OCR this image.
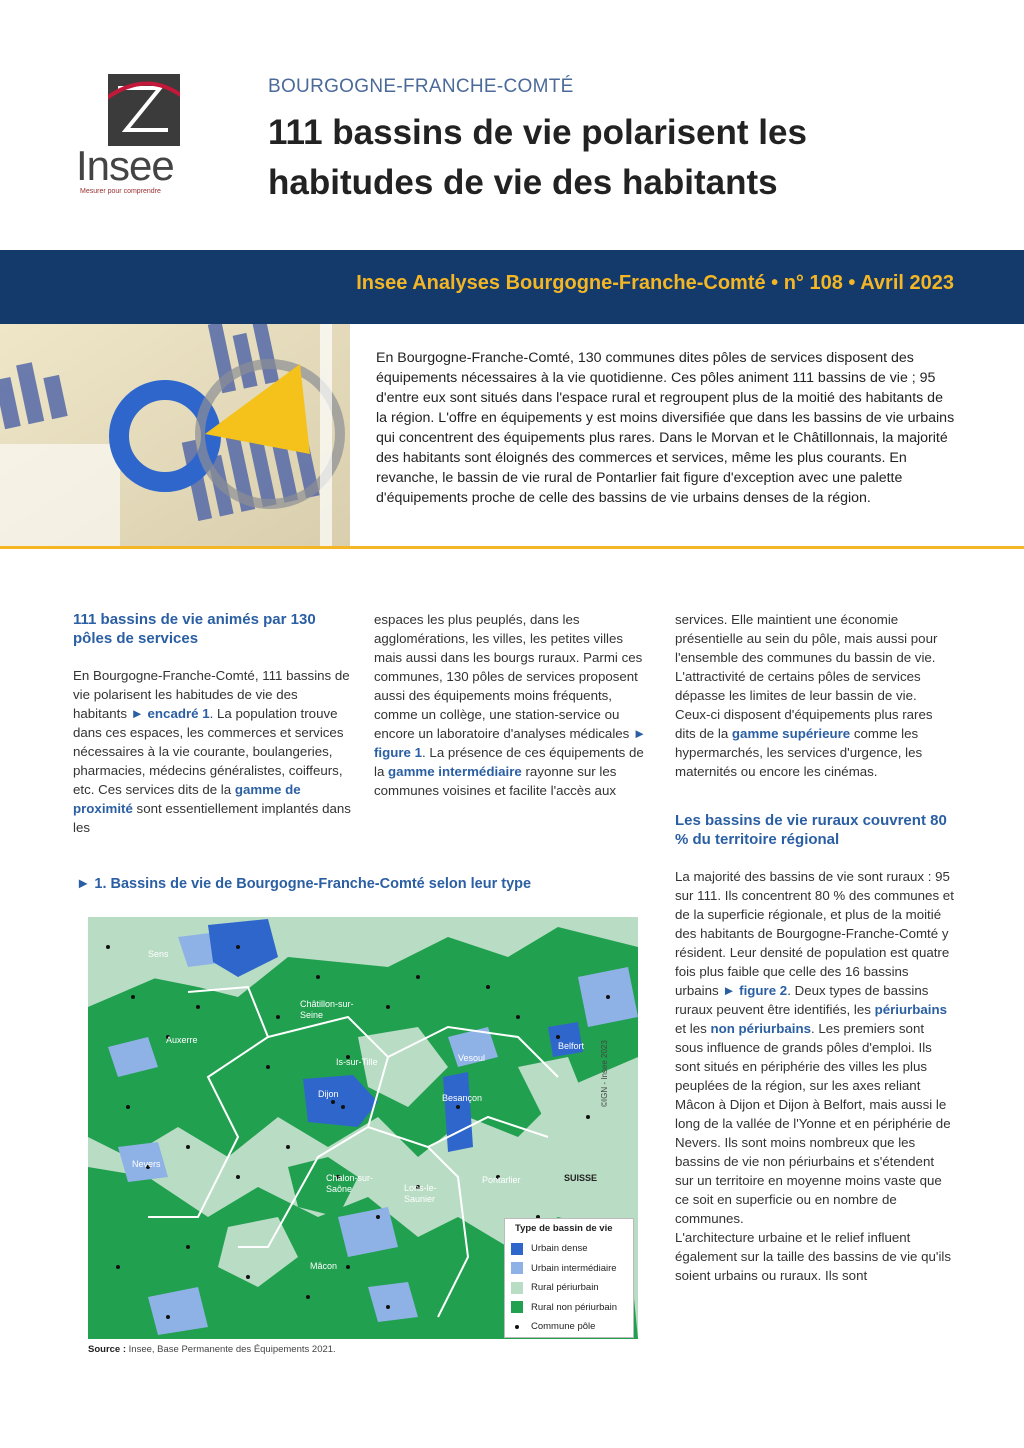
Insee
Mesurer pour comprendre
BOURGOGNE-FRANCHE-COMTÉ
111 bassins de vie polarisent les habitudes de vie des habitants
Insee Analyses Bourgogne-Franche-Comté • n° 108 • Avril 2023
En Bourgogne-Franche-Comté, 130 communes dites pôles de services disposent des équipements nécessaires à la vie quotidienne. Ces pôles animent 111 bassins de vie ; 95 d'entre eux sont situés dans l'espace rural et regroupent plus de la moitié des habitants de la région. L'offre en équipements y est moins diversifiée que dans les bassins de vie urbains qui concentrent des équipements plus rares. Dans le Morvan et le Châtillonnais, la majorité des habitants sont éloignés des commerces et services, même les plus courants. En revanche, le bassin de vie rural de Pontarlier fait figure d'exception avec une palette d'équipements proche de celle des bassins de vie urbains denses de la région.
111 bassins de vie animés par 130 pôles de services

En Bourgogne-Franche-Comté, 111 bassins de vie polarisent les habitudes de vie des habitants ► encadré 1. La population trouve dans ces espaces, les commerces et services nécessaires à la vie courante, boulangeries, pharmacies, médecins généralistes, coiffeurs, etc. Ces services dits de la gamme de proximité sont essentiellement implantés dans les

espaces les plus peuplés, dans les agglomérations, les villes, les petites villes mais aussi dans les bourgs ruraux. Parmi ces communes, 130 pôles de services proposent aussi des équipements moins fréquents, comme un collège, une station-service ou encore un laboratoire d'analyses médicales ► figure 1. La présence de ces équipements de la gamme intermédiaire rayonne sur les communes voisines et facilite l'accès aux

services. Elle maintient une économie présentielle au sein du pôle, mais aussi pour l'ensemble des communes du bassin de vie.

L'attractivité de certains pôles de services dépasse les limites de leur bassin de vie. Ceux-ci disposent d'équipements plus rares dits de la gamme supérieure comme les hypermarchés, les services d'urgence, les maternités ou encore les cinémas.

Les bassins de vie ruraux couvrent 80 % du territoire régional

La majorité des bassins de vie sont ruraux : 95 sur 111. Ils concentrent 80 % des communes et de la superficie régionale, et plus de la moitié des habitants de Bourgogne-Franche-Comté y résident. Leur densité de population est quatre fois plus faible que celle des 16 bassins urbains ► figure 2. Deux types de bassins ruraux peuvent être identifiés, les périurbains et les non périurbains. Les premiers sont sous influence de grands pôles d'emploi. Ils sont situés en périphérie des villes les plus peuplées de la région, sur les axes reliant Mâcon à Dijon et Dijon à Belfort, mais aussi le long de la vallée de l'Yonne et en périphérie de Nevers. Ils sont moins nombreux que les bassins de vie non périurbains et s'étendent sur un territoire en moyenne moins vaste que ce soit en superficie ou en nombre de communes.

L'architecture urbaine et le relief influent également sur la taille des bassins de vie qu'ils soient urbains ou ruraux. Ils sont

► 1. Bassins de vie de Bourgogne-Franche-Comté selon leur type
Sens
Châtillon-sur-Seine
Auxerre
Is-sur-Tille	Vesoul
Belfort
Dijon	Besançon
Nevers
Chalon-sur-Saône
Pontarlier
Lons-le-Saunier
Mâcon
SUISSE
©IGN - Insee 2023
Type de bassin de vie
Urbain dense
Urbain intermédiaire
Rural périurbain
Rural non périurbain
Commune pôle
Source : Insee, Base Permanente des Équipements 2021.
